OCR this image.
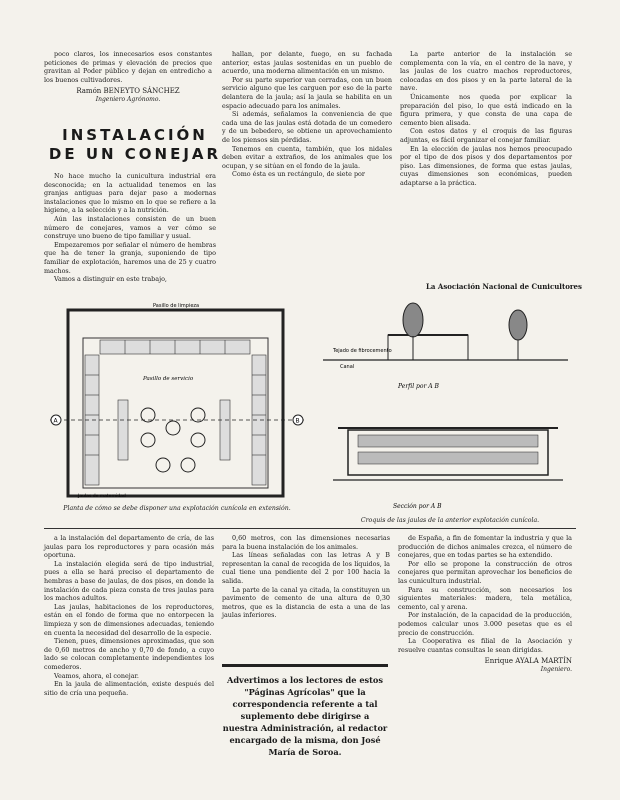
poco claros, los innecesarios esos constantes peticiones de primas y elevación de precios que gravitan al Poder público y dejan en entredicho a los buenos cultivadores.

Ramón BENEYTO SÁNCHEZ
Ingeniero Agrónomo.
INSTALACIÓN
DE UN CONEJAR

No hace mucho la cunicultura industrial era desconocida; en la actualidad tenemos en las granjas antiguas para dejar paso a modernas instalaciones que lo mismo en lo que se refiere a la higiene, a la selección y a la nutrición.

Aún las instalaciones consisten de un buen número de conejares, vamos a ver cómo se construye uno bueno de tipo familiar y usual.

Empezaremos por señalar el número de hembras que ha de tener la granja, suponiendo de tipo familiar de explotación, haremos una de 25 y cuatro machos.

Vamos a distinguir en este trabajo,

hallan, por delante, fuego, en su fachada anterior, estas jaulas sostenidas en un pueblo de acuerdo, una moderna alimentación en un mismo.

Por su parte superior van cerradas, con un buen servicio alguno que les carguen por eso de la parte delantera de la jaula; así la jaula se habilita en un espacio adecuado para los animales.

Si además, señalamos la conveniencia de que cada una de las jaulas está dotada de un comedero y de un bebedero, se obtiene un aprovechamiento de los piensos sin pérdidas.

Tenemos en cuenta, también, que los nidales deben evitar a extraños, de los animales que los ocupan, y se sitúan en el fondo de la jaula.

Como ésta es un rectángulo, de siete por

La parte anterior de la instalación se complementa con la vía, en el centro de la nave, y las jaulas de los cuatro machos reproductores, colocadas en dos pisos y en la parte lateral de la nave.

Únicamente nos queda por explicar la preparación del piso, lo que está indicado en la figura primera, y que consta de una capa de cemento bien alisada.

Con estos datos y el croquis de las figuras adjuntas, es fácil organizar el conejar familiar.

En la elección de jaulas nos hemos preocupado por el tipo de dos pisos y dos departamentos por piso. Las dimensiones, de forma que estas jaulas, cuyas dimensiones son económicas, pueden adaptarse a la práctica.

La Asociación Nacional de Cunicultores
A	B
Pasillo de limpieza
Pasillo de servicio
Jaulas de maternidad
Planta de cómo se debe disponer una explotación cunícola en extensión.
Tejado de fibrocemento
Canal
Perfil por A B
Sección por A B
Croquis de las jaulas de la anterior explotación cunícola.

a la instalación del departamento de cría, de las jaulas para los reproductores y para ocasión más oportuna.

La instalación elegida será de tipo industrial, pues a ella se hará preciso el departamento de hembras a base de jaulas, de dos pisos, en donde la instalación de cada pieza consta de tres jaulas para los machos adultos.

Las jaulas, habitaciones de los reproductores, están en el fondo de forma que no entorpecen la limpieza y son de dimensiones adecuadas, teniendo en cuenta la necesidad del desarrollo de la especie.

Tienen, pues, dimensiones aproximadas, que son de 0,60 metros de ancho y 0,70 de fondo, a cuyo lado se colocan completamente independientes los comederos.

Veamos, ahora, el conejar.

En la jaula de alimentación, existe después del sitio de cría una pequeña.

0,60 metros, con las dimensiones necesarias para la buena instalación de los animales.

Las líneas señaladas con las letras A y B representan la canal de recogida de los líquidos, la cual tiene una pendiente del 2 por 100 hacia la salida.

La parte de la canal ya citada, la constituyen un pavimento de cemento de una altura de 0,30 metros, que es la distancia de esta a una de las jaulas inferiores.

Advertimos a los lectores de estos "Páginas Agrícolas" que la correspondencia referente a tal suplemento debe dirigirse a nuestra Administración, al redactor encargado de la misma, don José María de Soroa.

de España, a fin de fomentar la industria y que la producción de dichos animales crezca, el número de conejares, que en todas partes se ha extendido.

Por ello se propone la construcción de otros conejares que permitan aprovechar los beneficios de las cunicultura industrial.

Para su construcción, son necesarios los siguientes materiales: madera, tela metálica, cemento, cal y arena.

Por instalación, de la capacidad de la producción, podemos calcular unos 3.000 pesetas que es el precio de construcción.

La Cooperativa es filial de la Asociación y resuelve cuantas consultas le sean dirigidas.

Enrique AYALA MARTÍN
Ingeniero.
